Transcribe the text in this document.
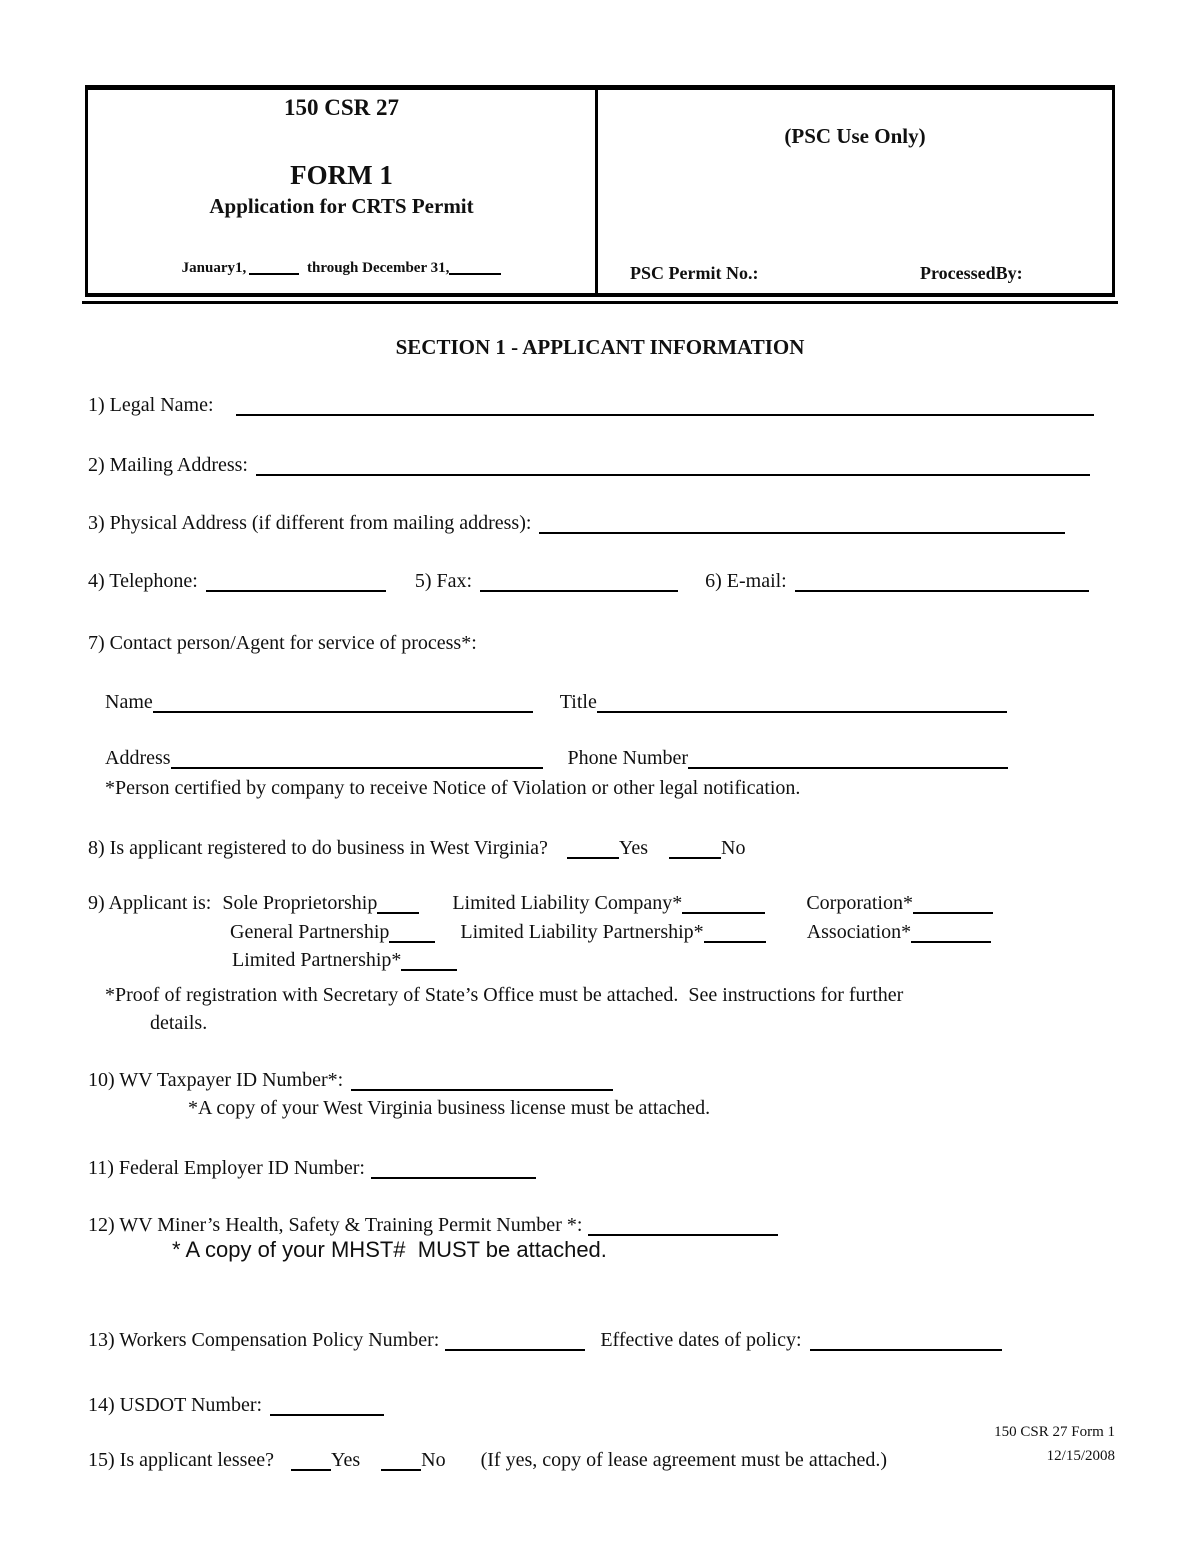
150 CSR 27
FORM 1
Application for CRTS Permit
January1,	through December 31,
(PSC Use Only)
PSC Permit No.:	ProcessedBy:
SECTION 1 - APPLICANT INFORMATION
1) Legal Name:
2) Mailing Address:
3) Physical Address (if different from mailing address):
4) Telephone:	5) Fax:	6) E-mail:
7) Contact person/Agent for service of process*:
Name	Title
Address	Phone Number
*Person certified by company to receive Notice of Violation or other legal notification.
8) Is applicant registered to do business in West Virginia?	Yes	No
9) Applicant is: Sole Proprietorship	Limited Liability Company*	Corporation*
General Partnership	Limited Liability Partnership*	Association*
Limited Partnership*
*Proof of registration with Secretary of State’s Office must be attached.  See instructions for further
details.
10) WV Taxpayer ID Number*:
*A copy of your West Virginia business license must be attached.
11) Federal Employer ID Number:
12) WV Miner’s Health, Safety & Training Permit Number *:
* A copy of your MHST#  MUST be attached.
13) Workers Compensation Policy Number:	Effective dates of policy:
14) USDOT Number:
15) Is applicant lessee?	Yes	No (If yes, copy of lease agreement must be attached.)
150 CSR 27 Form 1
12/15/2008
